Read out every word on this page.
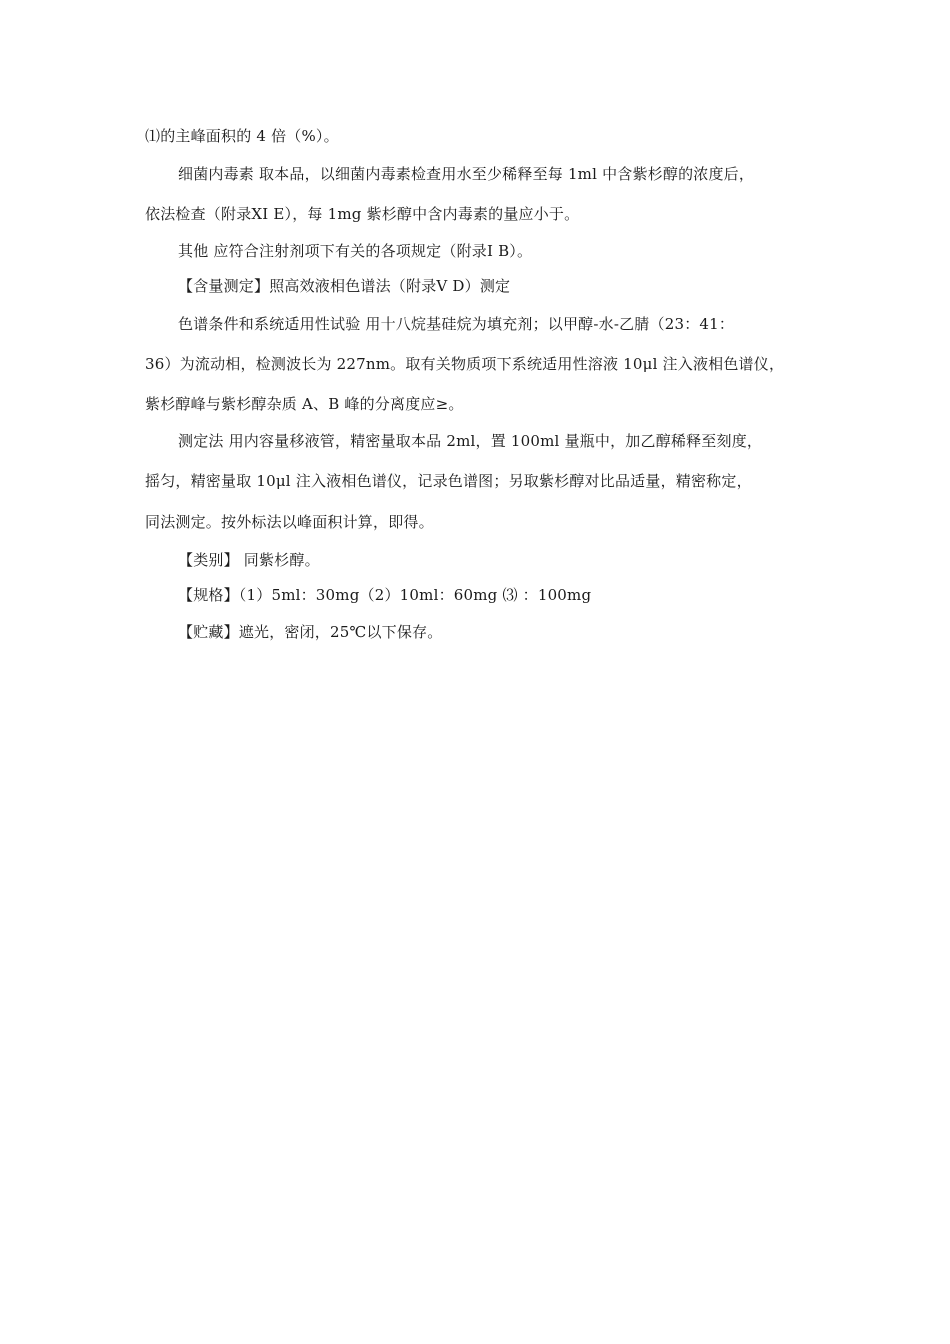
⑴的主峰面积的 4 倍（%）。
细菌内毒素 取本品，以细菌内毒素检查用水至少稀释至每 1ml 中含紫杉醇的浓度后，
依法检查（附录XI E），每 1mg 紫杉醇中含内毒素的量应小于。
其他 应符合注射剂项下有关的各项规定（附录I B）。
【含量测定】照高效液相色谱法（附录V D）测定
色谱条件和系统适用性试验 用十八烷基硅烷为填充剂；以甲醇-水-乙腈（23：41：
36）为流动相，检测波长为 227nm。取有关物质项下系统适用性溶液 10μl 注入液相色谱仪，
紫杉醇峰与紫杉醇杂质 A、B 峰的分离度应≥。
测定法 用内容量移液管，精密量取本品 2ml，置 100ml 量瓶中，加乙醇稀释至刻度，
摇匀，精密量取 10μl 注入液相色谱仪，记录色谱图；另取紫杉醇对比品适量，精密称定，
同法测定。按外标法以峰面积计算，即得。
【类别】 同紫杉醇。
【规格】（1）5ml：30mg（2）10ml：60mg ⑶ ：100mg
【贮藏】遮光，密闭，25℃以下保存。
